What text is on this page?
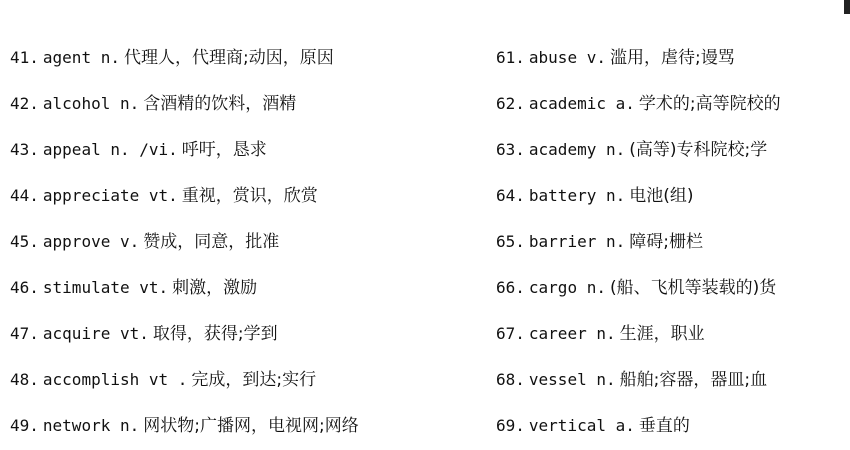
41. agent n. 代理人，代理商;动因，原因
42. alcohol n. 含酒精的饮料，酒精
43. appeal n. /vi. 呼吁，恳求
44. appreciate vt. 重视，赏识，欣赏
45. approve v. 赞成，同意，批准
46. stimulate vt. 刺激，激励
47. acquire vt. 取得，获得;学到
48. accomplish vt . 完成，到达;实行
49. network n. 网状物;广播网，电视网;网络
61. abuse v. 滥用，虐待;谩骂
62. academic a. 学术的;高等院校的
63. academy n. (高等)专科院校;学
64. battery n. 电池(组)
65. barrier n. 障碍;栅栏
66. cargo n. (船、飞机等装载的)货
67. career n. 生涯，职业
68. vessel n. 船舶;容器，器皿;血
69. vertical a. 垂直的
